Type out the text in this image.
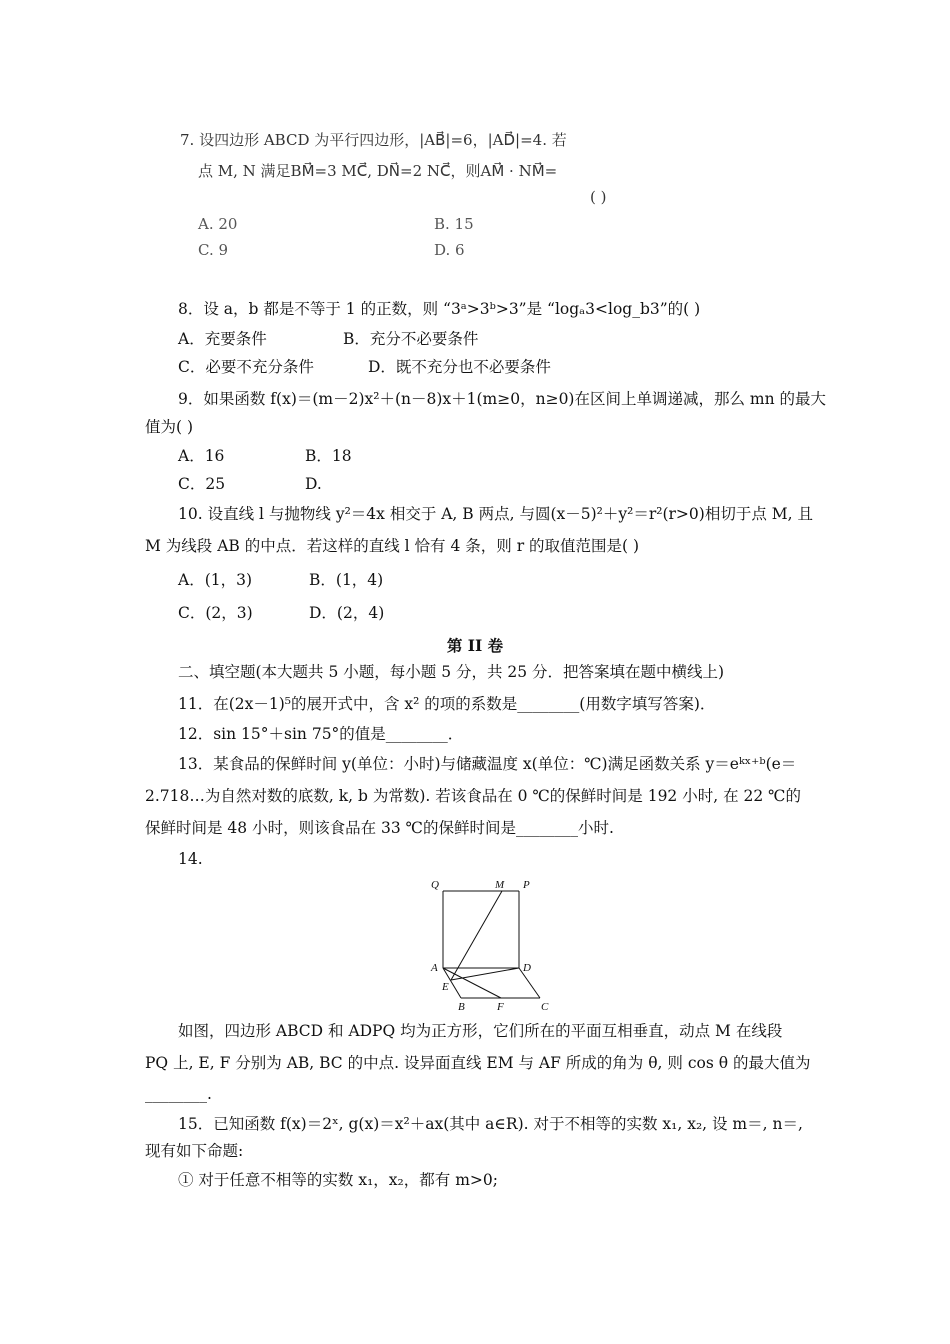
7. 设四边形 ABCD 为平行四边形，|AB⃗|=6，|AD⃗|=4. 若
点 M, N 满足BM⃗=3 MC⃗, DN⃗=2 NC⃗，则AM⃗ · NM⃗=
( )
A. 20	B. 15
C. 9	D. 6
8．设 a，b 都是不等于 1 的正数，则 “3ᵃ>3ᵇ>3”是 “logₐ3<log_b3”的( )
A．充要条件	B．充分不必要条件
C．必要不充分条件	D．既不充分也不必要条件
9．如果函数 f(x)＝(m－2)x²＋(n－8)x＋1(m≥0，n≥0)在区间上单调递减，那么 mn 的最大
值为( )
A．16	B．18
C．25	D.
10. 设直线 l 与抛物线 y²＝4x 相交于 A, B 两点, 与圆(x－5)²＋y²＝r²(r>0)相切于点 M, 且
M 为线段 AB 的中点．若这样的直线 l 恰有 4 条，则 r 的取值范围是( )
A．(1，3)	B．(1，4)
C．(2，3)	D．(2，4)
第 II 卷
二、填空题(本大题共 5 小题，每小题 5 分，共 25 分．把答案填在题中横线上)
11．在(2x－1)⁵的展开式中，含 x² 的项的系数是________(用数字填写答案)．
12．sin 15°＋sin 75°的值是________．
13．某食品的保鲜时间 y(单位：小时)与储藏温度 x(单位：℃)满足函数关系 y＝eᵏˣ⁺ᵇ(e＝
2.718…为自然对数的底数, k, b 为常数). 若该食品在 0 ℃的保鲜时间是 192 小时, 在 22 ℃的
保鲜时间是 48 小时，则该食品在 33 ℃的保鲜时间是________小时.
14.
Q	M P
A	D
E
B	F	C
如图，四边形 ABCD 和 ADPQ 均为正方形，它们所在的平面互相垂直，动点 M 在线段
PQ 上, E, F 分别为 AB, BC 的中点. 设异面直线 EM 与 AF 所成的角为 θ, 则 cos θ 的最大值为
________.
15．已知函数 f(x)＝2ˣ, g(x)＝x²＋ax(其中 a∈R). 对于不相等的实数 x₁, x₂, 设 m＝, n＝,
现有如下命题:
① 对于任意不相等的实数 x₁，x₂，都有 m>0;
